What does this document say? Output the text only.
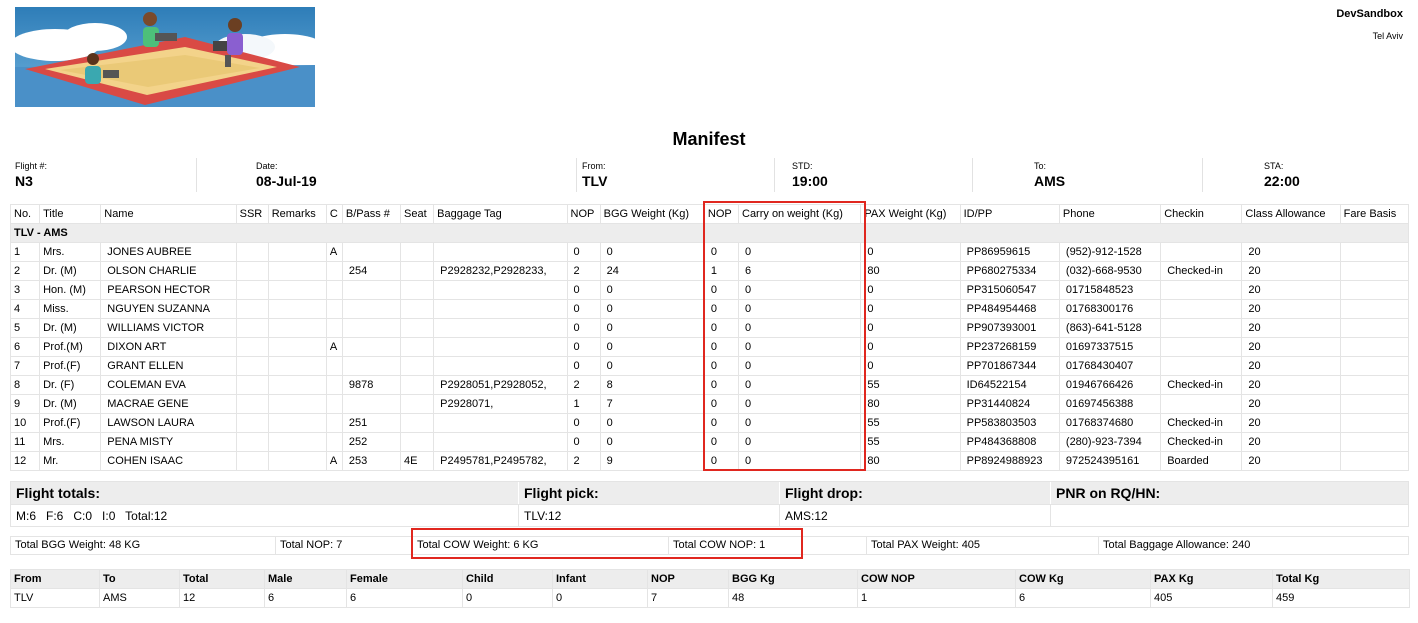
DevSandbox
Tel Aviv
Manifest
Flight #:
N3
Date:
08-Jul-19
From:
TLV
STD:
19:00
To:
AMS
STA:
22:00
No.	Title	Name	SSR	Remarks	C	B/Pass #	Seat	Baggage Tag	NOP	BGG Weight (Kg)	NOP	Carry on weight (Kg)	PAX Weight (Kg)	ID/PP	Phone	Checkin	Class Allowance	Fare Basis
TLV - AMS																		
1	Mrs.	JONES AUBREE			A				0	0	0	0	0	PP86959615	(952)-912-1528		20	
2	Dr. (M)	OLSON CHARLIE				254		P2928232,P2928233,	2	24	1	6	80	PP680275334	(032)-668-9530	Checked-in	20	
3	Hon. (M)	PEARSON HECTOR							0	0	0	0	0	PP315060547	01715848523		20	
4	Miss.	NGUYEN SUZANNA							0	0	0	0	0	PP484954468	01768300176		20	
5	Dr. (M)	WILLIAMS VICTOR							0	0	0	0	0	PP907393001	(863)-641-5128		20	
6	Prof.(M)	DIXON ART			A				0	0	0	0	0	PP237268159	01697337515		20	
7	Prof.(F)	GRANT ELLEN							0	0	0	0	0	PP701867344	01768430407		20	
8	Dr. (F)	COLEMAN EVA				9878		P2928051,P2928052,	2	8	0	0	55	ID64522154	01946766426	Checked-in	20	
9	Dr. (M)	MACRAE GENE						P2928071,	1	7	0	0	80	PP31440824	01697456388		20	
10	Prof.(F)	LAWSON LAURA				251			0	0	0	0	55	PP583803503	01768374680	Checked-in	20	
11	Mrs.	PENA MISTY				252			0	0	0	0	55	PP484368808	(280)-923-7394	Checked-in	20	
12	Mr.	COHEN ISAAC			A	253	4E	P2495781,P2495782,	2	9	0	0	80	PP8924988923	972524395161	Boarded	20	
Flight totals:	Flight pick:	Flight drop:	PNR on RQ/HN:
M:6   F:6   C:0   I:0   Total:12	TLV:12	AMS:12
Total BGG Weight: 48 KG	Total NOP: 7	Total COW Weight: 6 KG	Total COW NOP: 1	Total PAX Weight: 405	Total Baggage Allowance: 240
From	To	Total	Male	Female	Child	Infant	NOP	BGG Kg	COW NOP	COW Kg	PAX Kg	Total Kg
TLV	AMS	12	6	6	0	0	7	48	1	6	405	459
